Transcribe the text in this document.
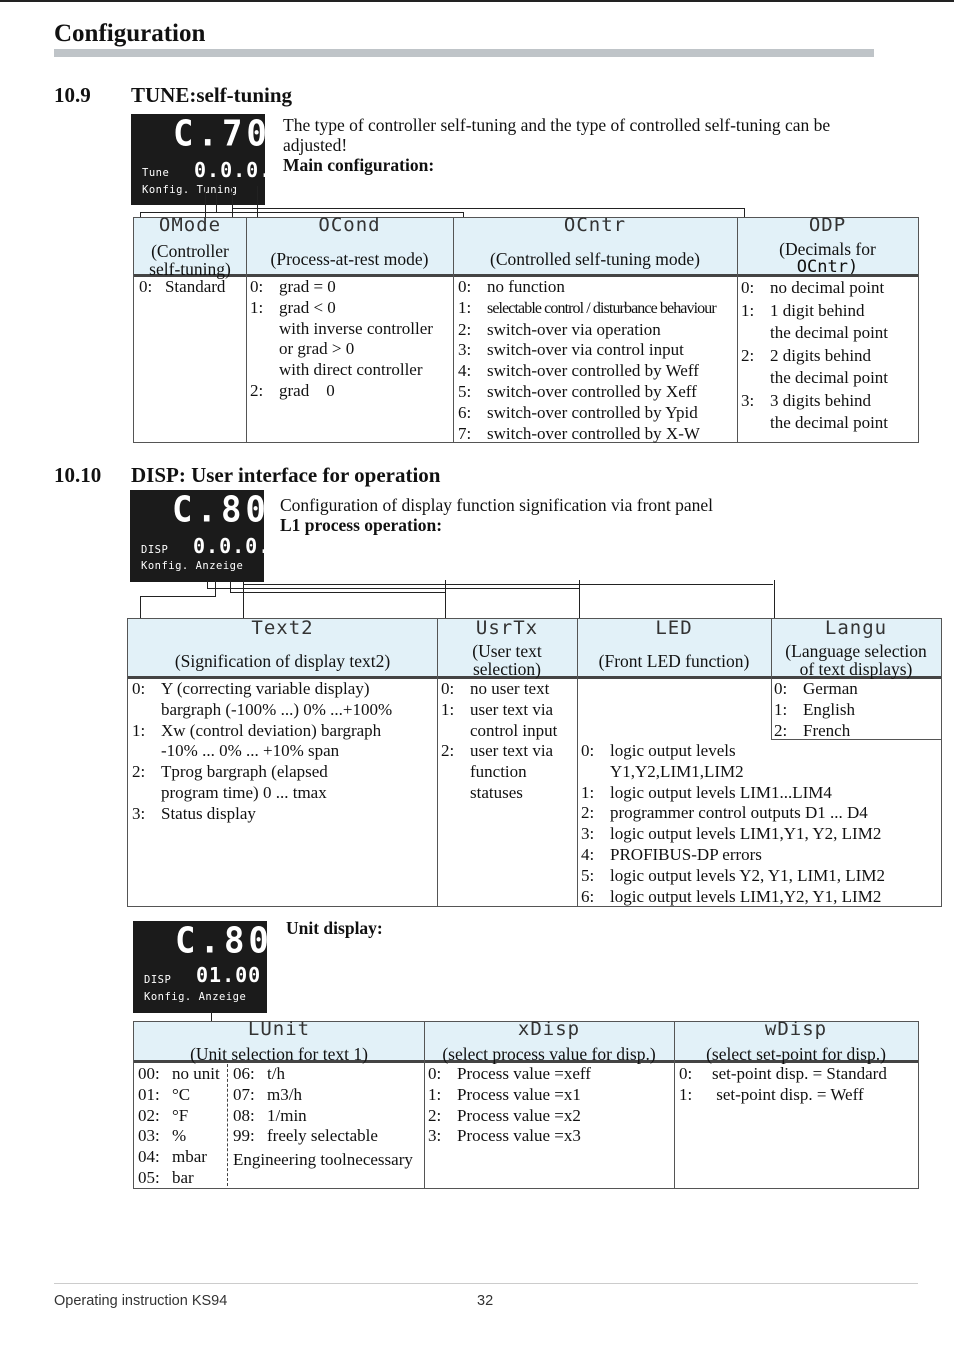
Configuration
10.9 TUNE:self-tuning
C.700
0.0.0.0
Tune
Konfig. Tuning
The type of controller self-tuning and the type of controlled self-tuning can be
adjusted!
Main configuration:
OMode
(Controller
self-tuning)
OCond
(Process-at-rest mode)
OCntr
(Controlled self-tuning mode)
ODP
(Decimals for
OCntr)
0:   Standard 0: grad = 0
1: grad < 0
with inverse controller
or grad > 0
with direct controller
2: grad    0
0: no function
1: selectable control / disturbance behaviour
2: switch-over via operation
3: switch-over via control input
4: switch-over controlled by Weff
5: switch-over controlled by Xeff
6: switch-over controlled by Ypid
7: switch-over controlled by X-W
0: no decimal point
1: 1 digit behind
the decimal point
2: 2 digits behind
the decimal point
3: 3 digits behind
the decimal point
10.10 DISP: User interface for operation
C.800
0.0.0.0
DISP
Konfig. Anzeige
Configuration of display function signification via front panel
L1 process operation:
Text2
(Signification of display text2)
UsrTx
(User text
selection)
LED
(Front LED function)
Langu
(Language selection
of text displays)
0: Y (correcting variable display)
bargraph (-100% ...) 0% ...+100%
1: Xw (control deviation) bargraph
-10% ... 0% ... +10% span
2: Tprog bargraph (elapsed
program time) 0 ... tmax
3: Status display
0: no user text
1: user text via
control input
2: user text via
function
statuses
0: logic output levels
Y1,Y2,LIM1,LIM2
1: logic output levels LIM1...LIM4
2: programmer control outputs D1 ... D4
3: logic output levels LIM1,Y1, Y2, LIM2
4: PROFIBUS-DP errors
5: logic output levels Y2, Y1, LIM1, LIM2
6: logic output levels LIM1,Y2, Y1, LIM2
0: German
1: English
2: French
C.801
01.00
DISP
Konfig. Anzeige
Unit display:
LUnit
(Unit selection for text 1)
xDisp
(select process value for disp.)
wDisp
(select set-point for disp.)
00: no unit
01: °C
02: °F
03: %
04: mbar
05: bar
06: t/h
07: m3/h
08: 1/min
99: freely selectable
Engineering toolnecessary
0: Process value =xeff
1: Process value =x1
2: Process value =x2
3: Process value =x3
0: set-point disp. = Standard
1: set-point disp. = Weff
Operating instruction KS94	32
